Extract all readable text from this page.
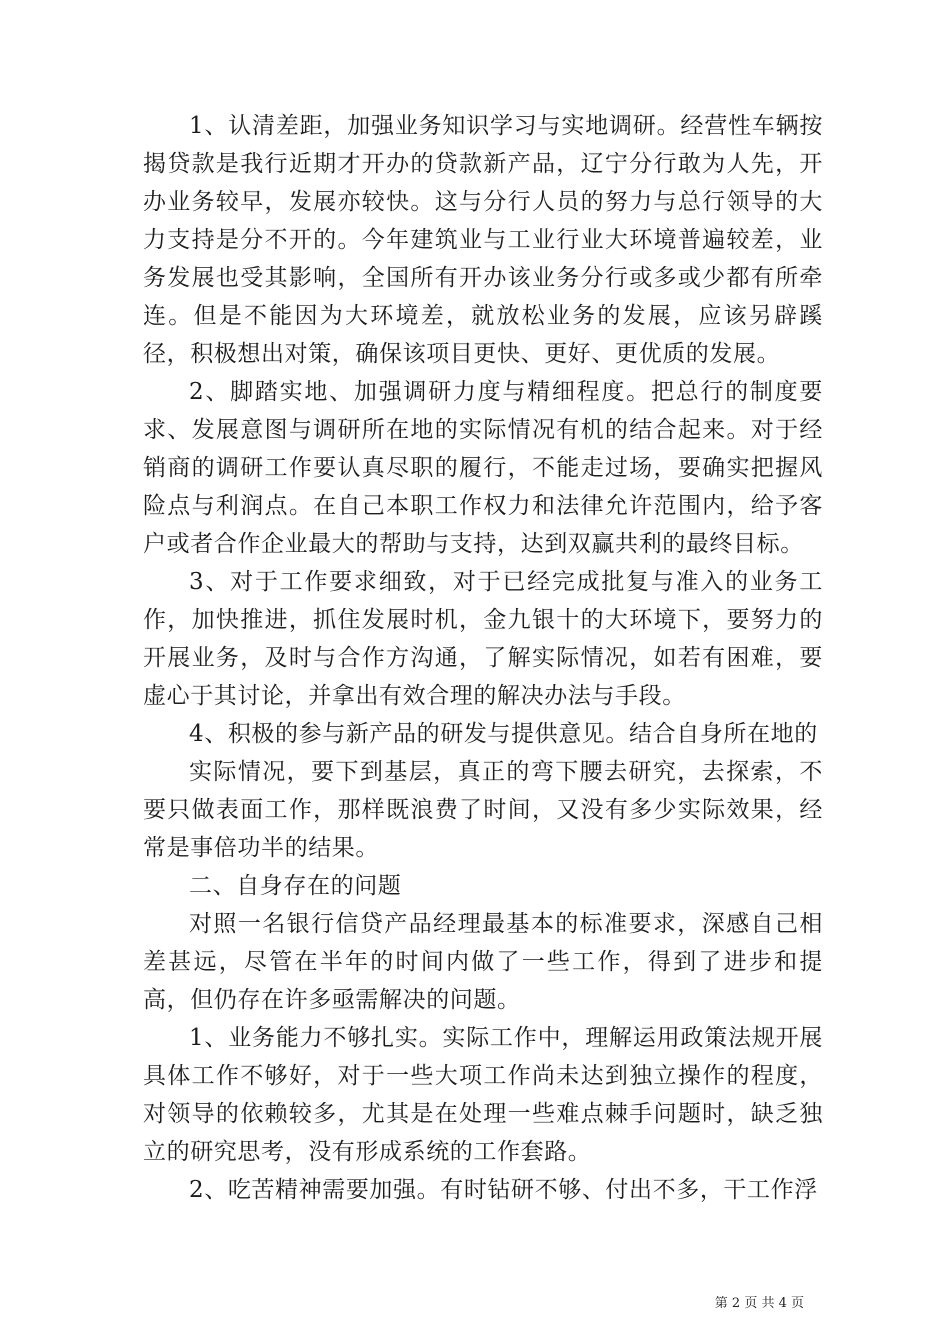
1、认清差距，加强业务知识学习与实地调研。经营性车辆按揭贷款是我行近期才开办的贷款新产品，辽宁分行敢为人先，开办业务较早，发展亦较快。这与分行人员的努力与总行领导的大力支持是分不开的。今年建筑业与工业行业大环境普遍较差，业务发展也受其影响，全国所有开办该业务分行或多或少都有所牵连。但是不能因为大环境差，就放松业务的发展，应该另辟蹊径，积极想出对策，确保该项目更快、更好、更优质的发展。

2、脚踏实地、加强调研力度与精细程度。把总行的制度要求、发展意图与调研所在地的实际情况有机的结合起来。对于经销商的调研工作要认真尽职的履行，不能走过场，要确实把握风险点与利润点。在自己本职工作权力和法律允许范围内，给予客户或者合作企业最大的帮助与支持，达到双赢共利的最终目标。

3、对于工作要求细致，对于已经完成批复与准入的业务工作，加快推进，抓住发展时机，金九银十的大环境下，要努力的开展业务，及时与合作方沟通，了解实际情况，如若有困难，要虚心于其讨论，并拿出有效合理的解决办法与手段。

4、积极的参与新产品的研发与提供意见。结合自身所在地的

实际情况，要下到基层，真正的弯下腰去研究，去探索，不要只做表面工作，那样既浪费了时间，又没有多少实际效果，经常是事倍功半的结果。

二、自身存在的问题

对照一名银行信贷产品经理最基本的标准要求，深感自己相差甚远，尽管在半年的时间内做了一些工作，得到了进步和提高，但仍存在许多亟需解决的问题。

1、业务能力不够扎实。实际工作中，理解运用政策法规开展具体工作不够好，对于一些大项工作尚未达到独立操作的程度，对领导的依赖较多，尤其是在处理一些难点棘手问题时，缺乏独立的研究思考，没有形成系统的工作套路。

2、吃苦精神需要加强。有时钻研不够、付出不多，干工作浮

第 2 页 共 4 页
